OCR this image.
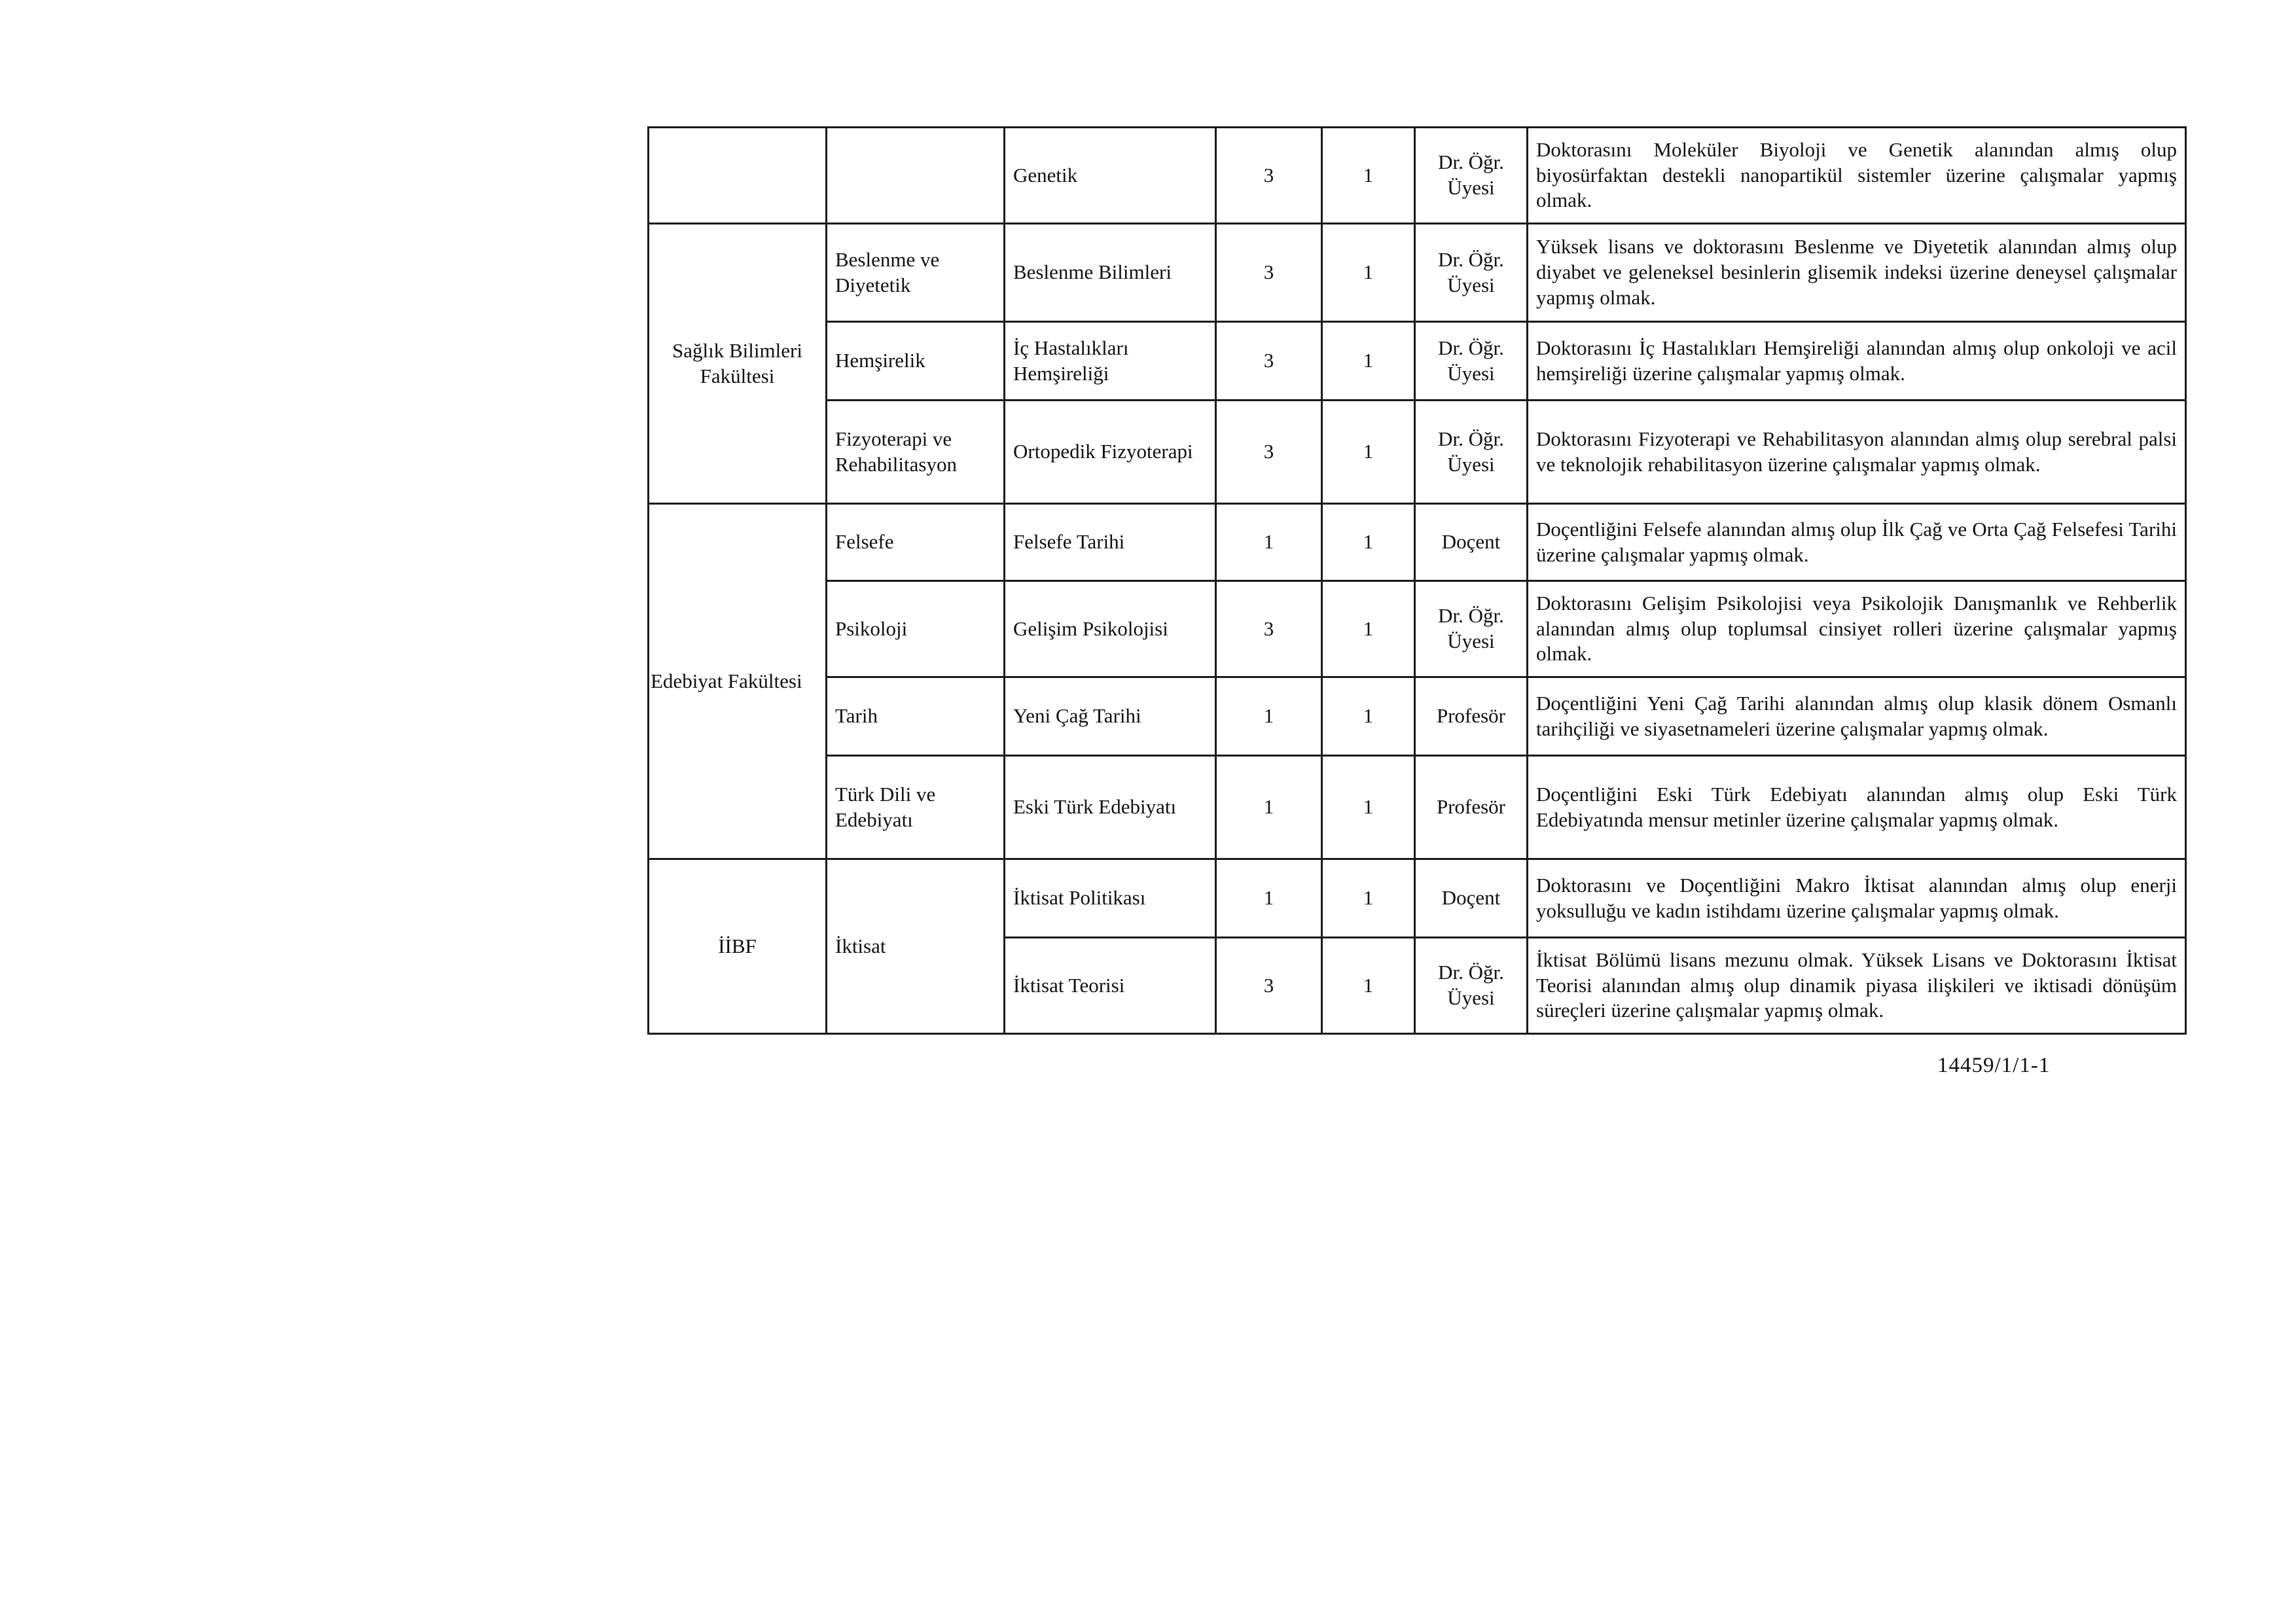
		Genetik	3	1	Dr. Öğr. Üyesi	Doktorasını Moleküler Biyoloji ve Genetik alanından almış olup biyosürfaktan destekli nanopartikül sistemler üzerine çalışmalar yapmış olmak.
Sağlık Bilimleri Fakültesi	Beslenme ve Diyetetik	Beslenme Bilimleri	3	1	Dr. Öğr. Üyesi	Yüksek lisans ve doktorasını Beslenme ve Diyetetik alanından almış olup diyabet ve geleneksel besinlerin glisemik indeksi üzerine deneysel çalışmalar yapmış olmak.
	Hemşirelik	İç Hastalıkları Hemşireliği	3	1	Dr. Öğr. Üyesi	Doktorasını İç Hastalıkları Hemşireliği alanından almış olup onkoloji ve acil hemşireliği üzerine çalışmalar yapmış olmak.
	Fizyoterapi ve Rehabilitasyon	Ortopedik Fizyoterapi	3	1	Dr. Öğr. Üyesi	Doktorasını Fizyoterapi ve Rehabilitasyon alanından almış olup serebral palsi ve teknolojik rehabilitasyon üzerine çalışmalar yapmış olmak.
Edebiyat Fakültesi	Felsefe	Felsefe Tarihi	1	1	Doçent	Doçentliğini Felsefe alanından almış olup İlk Çağ ve Orta Çağ Felsefesi Tarihi üzerine çalışmalar yapmış olmak.
	Psikoloji	Gelişim Psikolojisi	3	1	Dr. Öğr. Üyesi	Doktorasını Gelişim Psikolojisi veya Psikolojik Danışmanlık ve Rehberlik alanından almış olup toplumsal cinsiyet rolleri üzerine çalışmalar yapmış olmak.
	Tarih	Yeni Çağ Tarihi	1	1	Profesör	Doçentliğini Yeni Çağ Tarihi alanından almış olup klasik dönem Osmanlı tarihçiliği ve siyasetnameleri üzerine çalışmalar yapmış olmak.
	Türk Dili ve Edebiyatı	Eski Türk Edebiyatı	1	1	Profesör	Doçentliğini Eski Türk Edebiyatı alanından almış olup Eski Türk Edebiyatında mensur metinler üzerine çalışmalar yapmış olmak.
İİBF	İktisat	İktisat Politikası	1	1	Doçent	Doktorasını ve Doçentliğini Makro İktisat alanından almış olup enerji yoksulluğu ve kadın istihdamı üzerine çalışmalar yapmış olmak.
		İktisat Teorisi	3	1	Dr. Öğr. Üyesi	İktisat Bölümü lisans mezunu olmak. Yüksek Lisans ve Doktorasını İktisat Teorisi alanından almış olup dinamik piyasa ilişkileri ve iktisadi dönüşüm süreçleri üzerine çalışmalar yapmış olmak.
14459/1/1-1
